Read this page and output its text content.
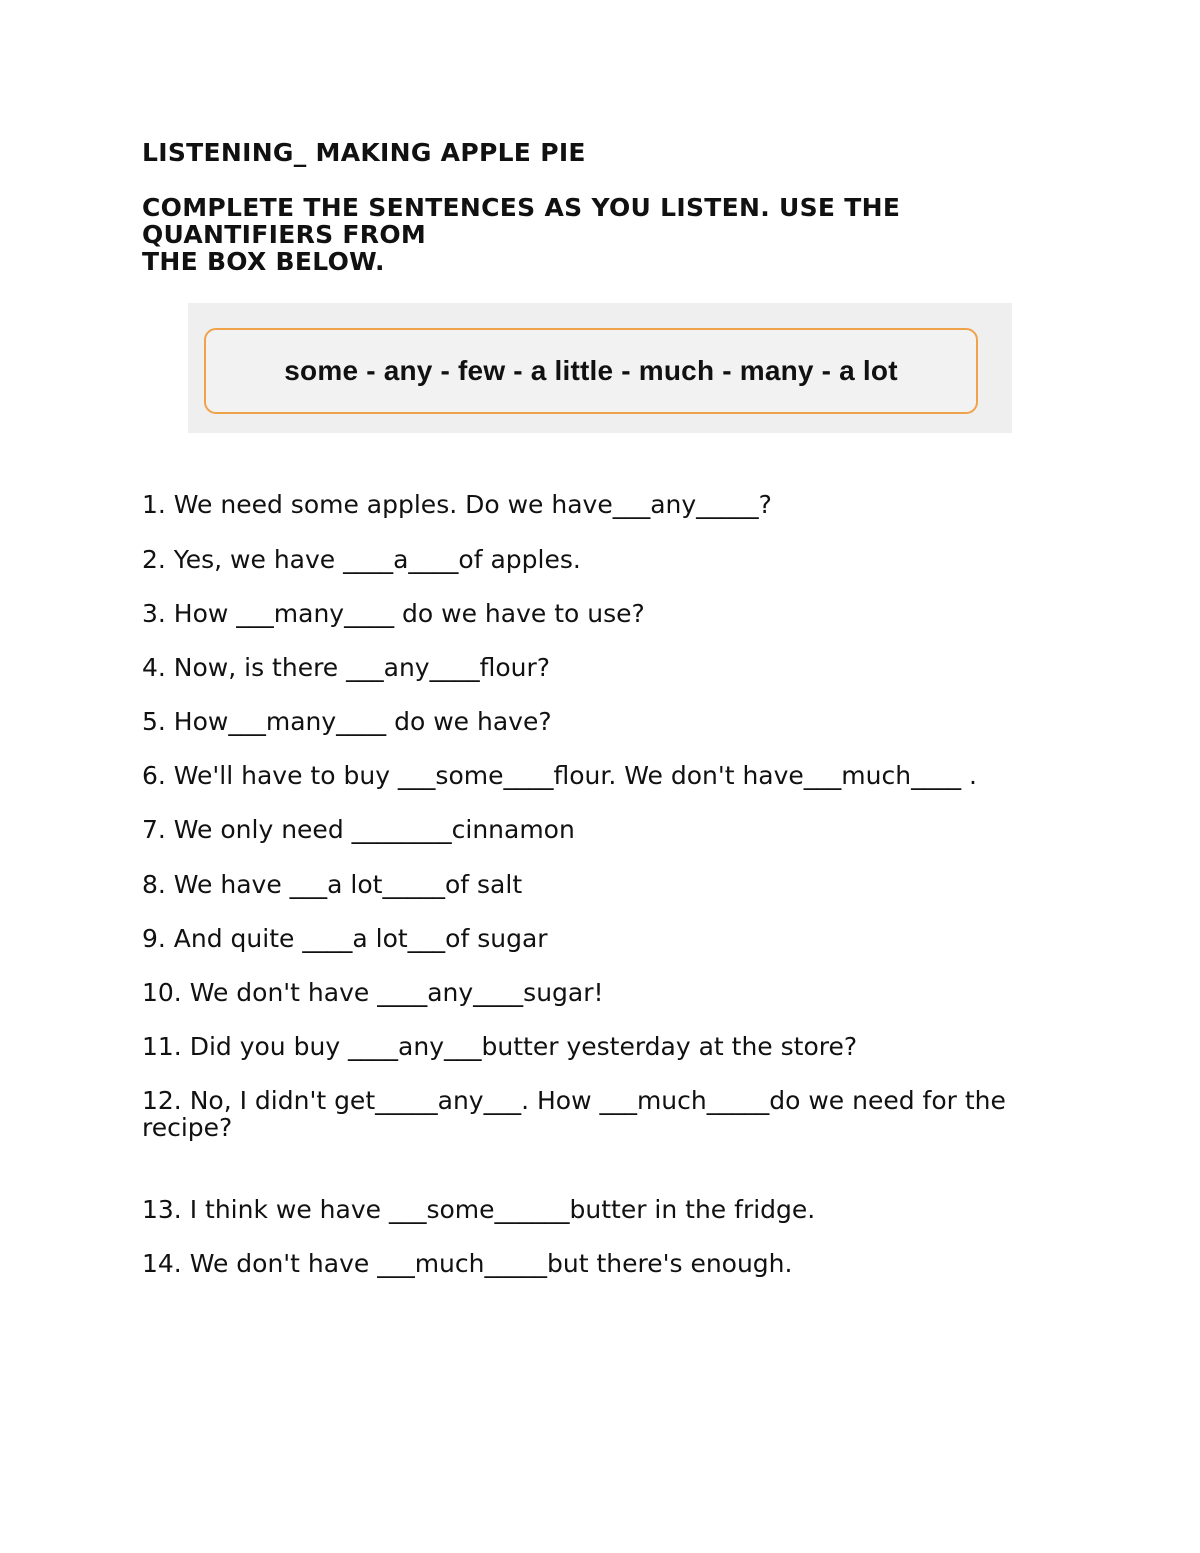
LISTENING_ MAKING APPLE PIE
COMPLETE THE SENTENCES AS YOU LISTEN. USE THE QUANTIFIERS FROM
THE BOX BELOW.
some - any - few - a little - much - many - a lot

1. We need some apples. Do we have___any_____?

2. Yes, we have ____a____of apples.

3. How ___many____ do we have to use?

4. Now, is there ___any____flour?

5. How___many____ do we have?

6. We'll have to buy ___some____flour. We don't have___much____ .

7. We only need ________cinnamon

8. We have ___a lot_____of salt

9. And quite ____a lot___of sugar

10. We don't have ____any____sugar!

11. Did you buy ____any___butter yesterday at the store?

12. No, I didn't get_____any___. How ___much_____do we need for the recipe?

13. I think we have ___some______butter in the fridge.

14. We don't have ___much_____but there's enough.
